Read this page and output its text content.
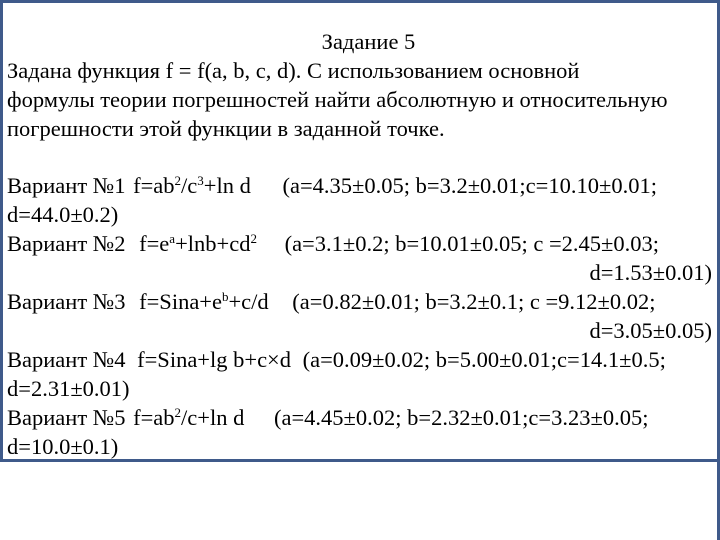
Задание 5
Задана функция f = f(a, b, c, d). С использованием основной
формулы теории погрешностей найти абсолютную и относительную
погрешности этой функции в заданной точке.
Вариант №1 $f=ab^2/c^3+\ln$ d (a=4.35±0.05; b=3.2±0.01;c=10.10±0.01;
d=44.0±0.2)
Вариант №2 $f=e^a+\ln b+cd^2$ (a=3.1±0.2; b=10.01±0.05; c =2.45±0.03;
d=1.53±0.01)
Вариант №3 $f=Sina+e^b+c/d$ (a=0.82±0.01; b=3.2±0.1; c =9.12±0.02;
d=3.05±0.05)
Вариант №4 f=Sina+lg b+c×d (a=0.09±0.02; b=5.00±0.01;c=14.1±0.5;
d=2.31±0.01)
Вариант №5 $f=ab^2/c+\ln$ d (a=4.45±0.02; b=2.32±0.01;c=3.23±0.05;
d=10.0±0.1)
